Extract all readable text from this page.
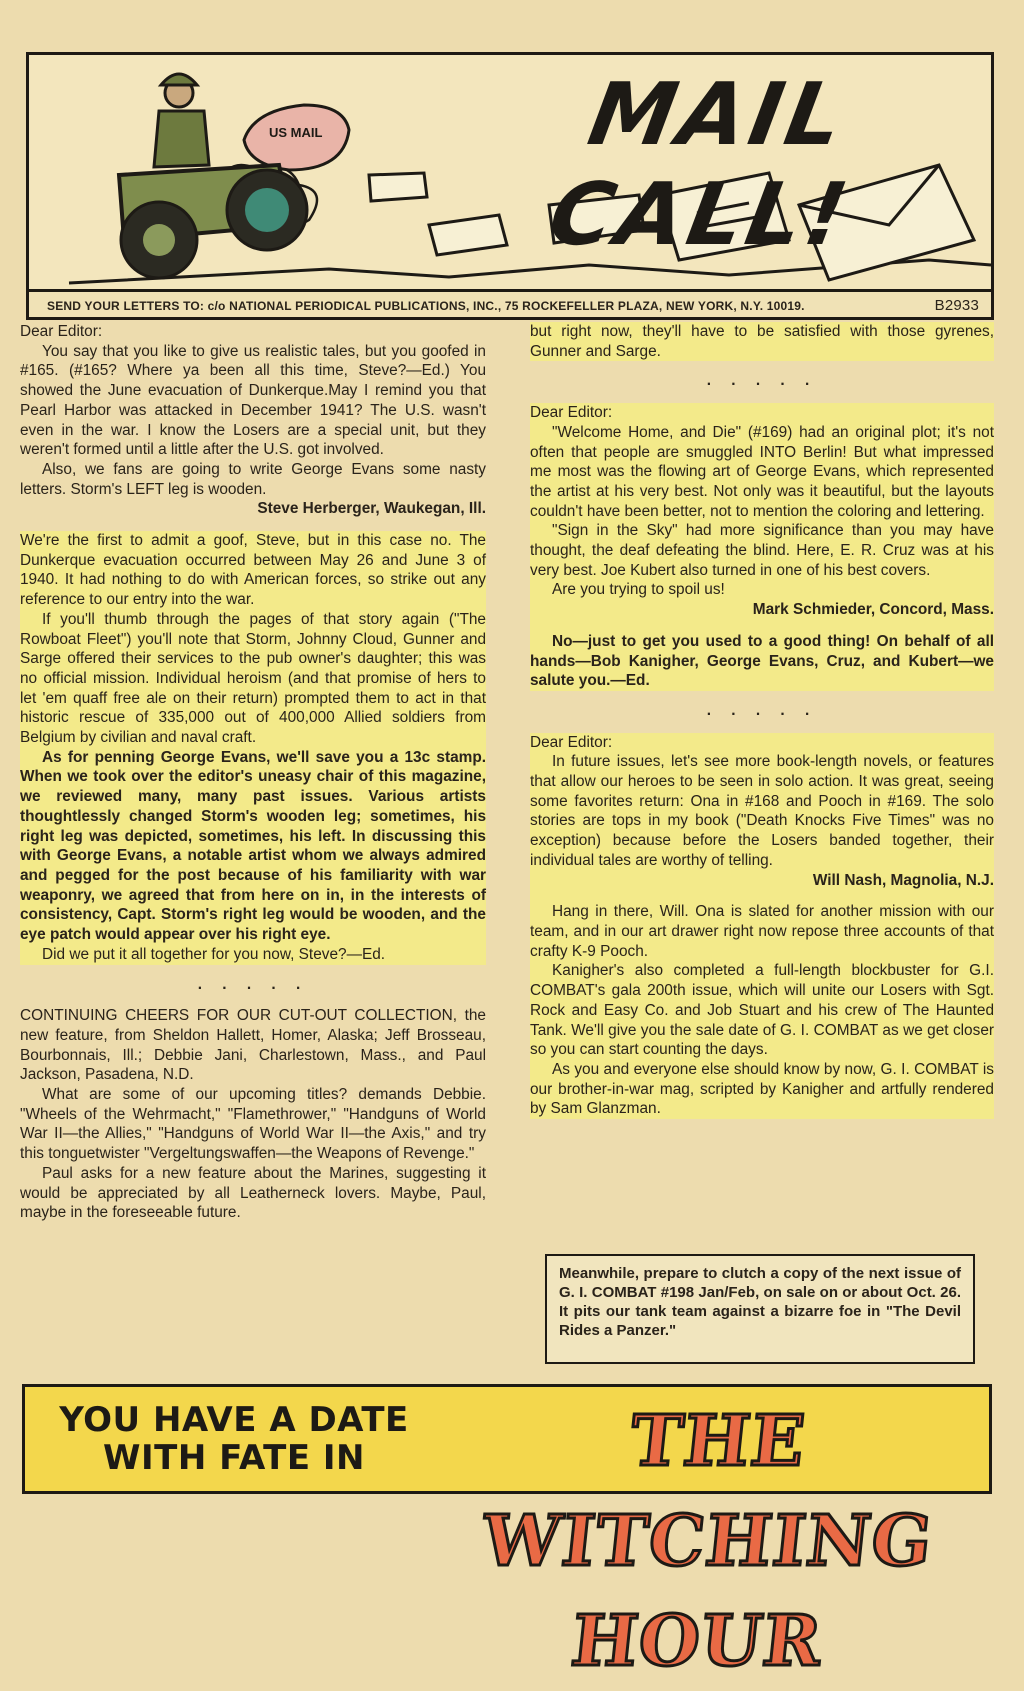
US MAIL	MAIL CALL!
SEND YOUR LETTERS TO: c/o NATIONAL PERIODICAL PUBLICATIONS, INC., 75 ROCKEFELLER PLAZA, NEW YORK, N.Y. 10019.	B2933
Dear Editor:
You say that you like to give us realistic tales, but you goofed in #165. (#165? Where ya been all this time, Steve?—Ed.) You showed the June evacuation of Dunkerque.May I remind you that Pearl Harbor was attacked in December 1941? The U.S. wasn't even in the war. I know the Losers are a special unit, but they weren't formed until a little after the U.S. got involved.
Also, we fans are going to write George Evans some nasty letters. Storm's LEFT leg is wooden.
Steve Herberger, Waukegan, Ill.
We're the first to admit a goof, Steve, but in this case no. The Dunkerque evacuation occurred between May 26 and June 3 of 1940. It had nothing to do with American forces, so strike out any reference to our entry into the war.
If you'll thumb through the pages of that story again ("The Rowboat Fleet") you'll note that Storm, Johnny Cloud, Gunner and Sarge offered their services to the pub owner's daughter; this was no official mission. Individual heroism (and that promise of hers to let 'em quaff free ale on their return) prompted them to act in that historic rescue of 335,000 out of 400,000 Allied soldiers from Belgium by civilian and naval craft.
As for penning George Evans, we'll save you a 13c stamp. When we took over the editor's uneasy chair of this magazine, we reviewed many, many past issues. Various artists thoughtlessly changed Storm's wooden leg; sometimes, his right leg was depicted, sometimes, his left. In discussing this with George Evans, a notable artist whom we always admired and pegged for the post because of his familiarity with war weaponry, we agreed that from here on in, in the interests of consistency, Capt. Storm's right leg would be wooden, and the eye patch would appear over his right eye.
Did we put it all together for you now, Steve?—Ed.
. . . . .
CONTINUING CHEERS FOR OUR CUT-OUT COLLECTION, the new feature, from Sheldon Hallett, Homer, Alaska; Jeff Brosseau, Bourbonnais, Ill.; Debbie Jani, Charlestown, Mass., and Paul Jackson, Pasadena, N.D.
What are some of our upcoming titles? demands Debbie. "Wheels of the Wehrmacht," "Flamethrower," "Handguns of World War II—the Allies," "Handguns of World War II—the Axis," and try this tonguetwister "Vergeltungswaffen—the Weapons of Revenge."
Paul asks for a new feature about the Marines, suggesting it would be appreciated by all Leatherneck lovers. Maybe, Paul, maybe in the foreseeable future.
but right now, they'll have to be satisfied with those gyrenes, Gunner and Sarge.
. . . . .
Dear Editor:
"Welcome Home, and Die" (#169) had an original plot; it's not often that people are smuggled INTO Berlin! But what impressed me most was the flowing art of George Evans, which represented the artist at his very best. Not only was it beautiful, but the layouts couldn't have been better, not to mention the coloring and lettering.
"Sign in the Sky" had more significance than you may have thought, the deaf defeating the blind. Here, E. R. Cruz was at his very best. Joe Kubert also turned in one of his best covers.
Are you trying to spoil us!
Mark Schmieder, Concord, Mass.
No—just to get you used to a good thing! On behalf of all hands—Bob Kanigher, George Evans, Cruz, and Kubert—we salute you.—Ed.
. . . . .
Dear Editor:
In future issues, let's see more book-length novels, or features that allow our heroes to be seen in solo action. It was great, seeing some favorites return: Ona in #168 and Pooch in #169. The solo stories are tops in my book ("Death Knocks Five Times" was no exception) because before the Losers banded together, their individual tales are worthy of telling.
Will Nash, Magnolia, N.J.
Hang in there, Will. Ona is slated for another mission with our team, and in our art drawer right now repose three accounts of that crafty K-9 Pooch.
Kanigher's also completed a full-length blockbuster for G.I. COMBAT's gala 200th issue, which will unite our Losers with Sgt. Rock and Easy Co. and Job Stuart and his crew of The Haunted Tank. We'll give you the sale date of G. I. COMBAT as we get closer so you can start counting the days.
As you and everyone else should know by now, G. I. COMBAT is our brother-in-war mag, scripted by Kanigher and artfully rendered by Sam Glanzman.
Meanwhile, prepare to clutch a copy of the next issue of G. I. COMBAT #198 Jan/Feb, on sale on or about Oct. 26. It pits our tank team against a bizarre foe in "The Devil Rides a Panzer."
YOU HAVE A DATE
WITH FATE IN	THE WITCHING HOUR
